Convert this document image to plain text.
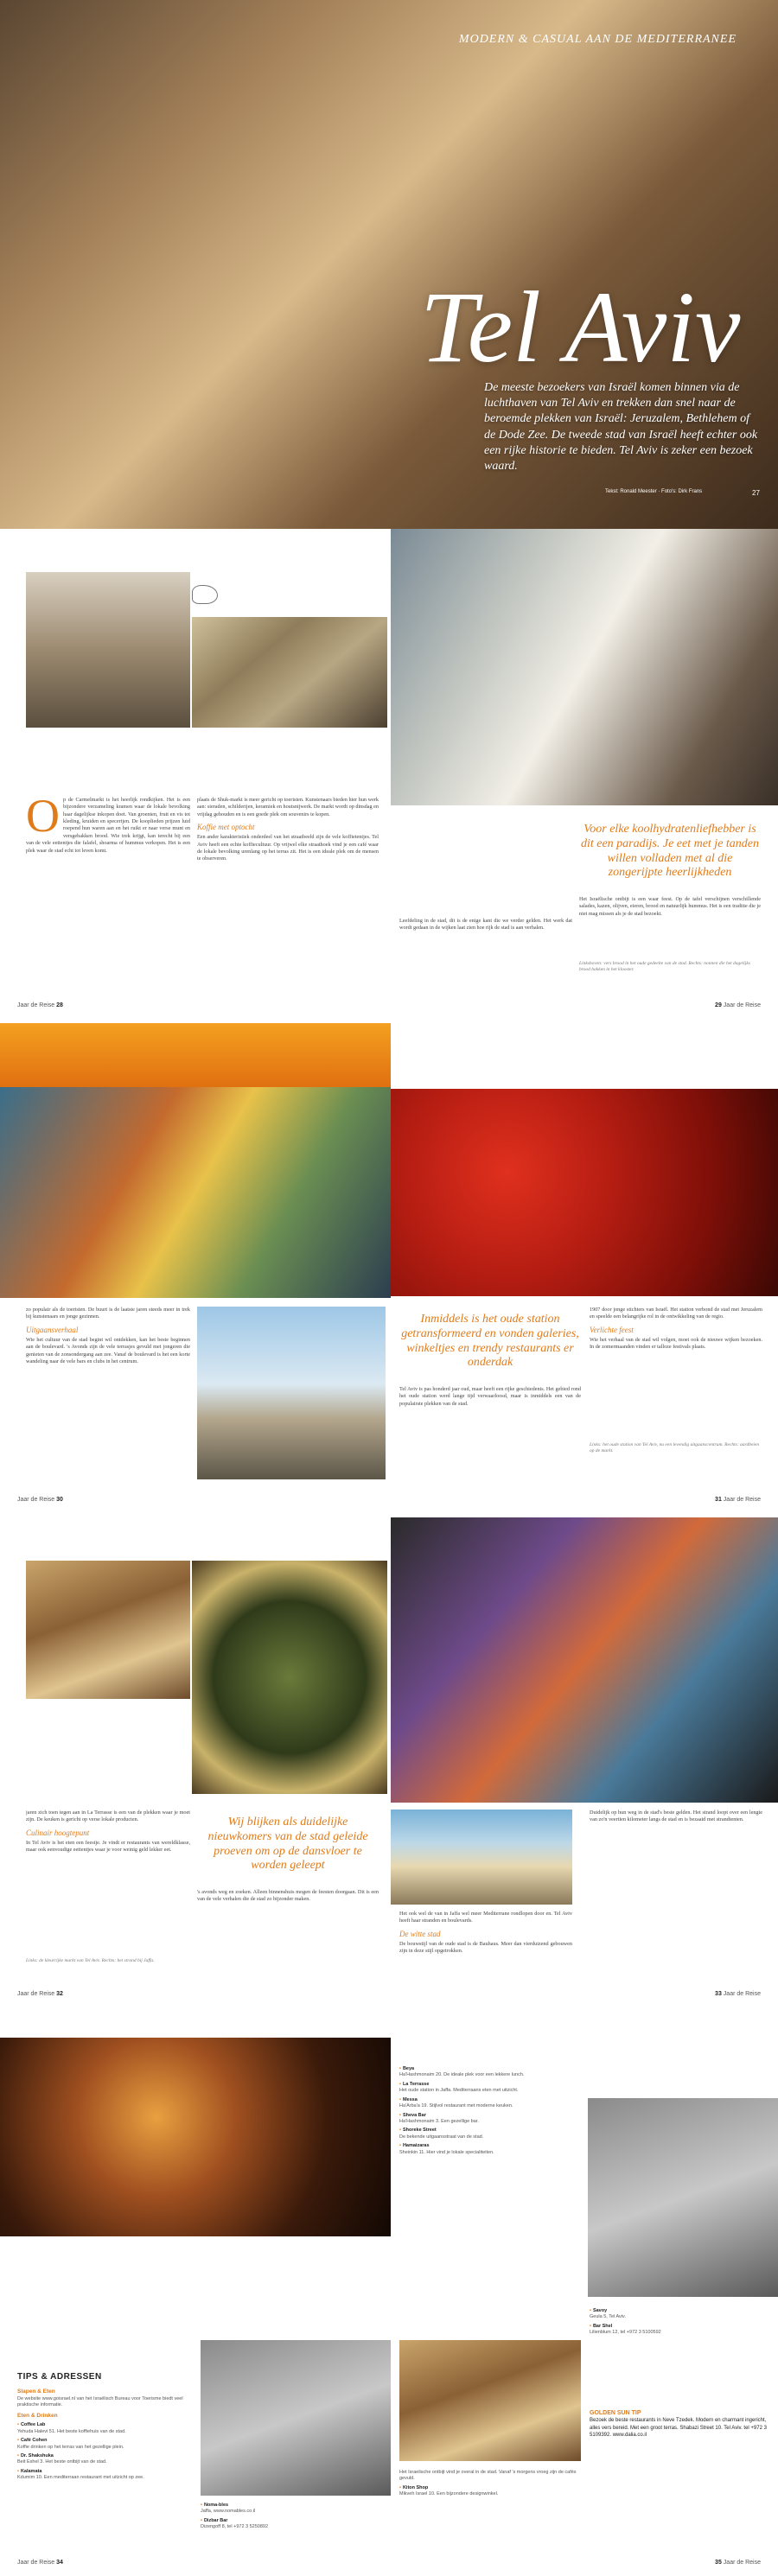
MODERN & CASUAL AAN DE MEDITERRANEE
Tel Aviv
De meeste bezoekers van Israël komen binnen via de luchthaven van Tel Aviv en trekken dan snel naar de beroemde plekken van Israël: Jeruzalem, Bethlehem of de Dode Zee. De tweede stad van Israël heeft echter ook een rijke historie te bieden. Tel Aviv is zeker een bezoek waard.
Tekst: Ronald Meester · Foto's: Dirk Frans	27
O p de Carmelmarkt is het heerlijk rondkijken. Het is een bijzondere verzameling kramen waar de lokale bevolking haar dagelijkse inkopen doet. Van groenten, fruit en vis tot kleding, kruiden en specerijen. De kooplieden prijzen luid roepend hun waren aan en het ruikt er naar verse munt en versgebakken brood. Wie trek krijgt, kan terecht bij een van de vele eettentjes die falafel, shoarma of hummus verkopen. Het is een plek waar de stad echt tot leven komt.
plaats de Shuk-markt is meer gericht op toeristen. Kunstenaars bieden hier hun werk aan: sieraden, schilderijen, keramiek en houtsnijwerk. De markt wordt op dinsdag en vrijdag gehouden en is een goede plek om souvenirs te kopen.
Koffie met optocht
Een ander karakteristiek onderdeel van het straatbeeld zijn de vele koffietentjes. Tel Aviv heeft een echte koffiecultuur. Op vrijwel elke straathoek vind je een café waar de lokale bevolking urenlang op het terras zit. Het is een ideale plek om de mensen te observeren.
Leefdeling in de stad, dit is de enige kant die we verder gelden. Het werk dat wordt gedaan in de wijken laat zien hoe rijk de stad is aan verhalen.
Voor elke koolhydratenliefhebber is dit een paradijs. Je eet met je tanden willen volladen met al die zongerijpte heerlijkheden
Het Israëlische ontbijt is een waar feest. Op de tafel verschijnen verschillende salades, kazen, olijven, eieren, brood en natuurlijk hummus. Het is een traditie die je niet mag missen als je de stad bezoekt.
Linksboven: vers brood in het oude gedeelte van de stad. Rechts: nonnen die het dagelijks brood bakken in het klooster.
Jaar de Reise 28	29 Jaar de Reise
zo populair als de toeristen. De buurt is de laatste jaren steeds meer in trek bij kunstenaars en jonge gezinnen.
Uitgaansverhaal
Wie het cultuur van de stad begint wil ontdekken, kan het beste beginnen aan de boulevard. 's Avonds zijn de vele terrasjes gevuld met jongeren die genieten van de zonsondergang aan zee. Vanaf de boulevard is het een korte wandeling naar de vele bars en clubs in het centrum.
Inmiddels is het oude station getransformeerd en vonden galeries, winkeltjes en trendy restaurants er onderdak
Tel Aviv is pas honderd jaar oud, maar heeft een rijke geschiedenis. Het gebied rond het oude station werd lange tijd verwaarloosd, maar is inmiddels een van de populairste plekken van de stad.
1907 door jonge stichters van Israël. Het station verbond de stad met Jeruzalem en speelde een belangrijke rol in de ontwikkeling van de regio.
Verlichte feest
Wie het verhaal van de stad wil volgen, moet ook de nieuwe wijken bezoeken. In de zomermaanden vinden er talloze festivals plaats.
Links: het oude station van Tel Aviv, nu een levendig uitgaanscentrum. Rechts: aardbeien op de markt.
Jaar de Reise 30	31 Jaar de Reise
jaren zich toen tegen aan in La Terrasse is een van de plekken waar je moet zijn. De keuken is gericht op verse lokale producten.
Culinair hoogtepunt
In Tel Aviv is het eten een feestje. Je vindt er restaurants van wereldklasse, maar ook eenvoudige eettentjes waar je voor weinig geld lekker eet.
Wij blijken als duidelijke nieuwkomers van de stad geleide proeven om op de dansvloer te worden geleept
's avonds weg en zoeken. Alleen binnenshuis mogen de feesten doorgaan. Dit is een van de vele verhalen die de stad zo bijzonder maken.
Het ook wel de van in Jaffa wel meer Mediterrane rondlopen door en. Tel Aviv heeft haar stranden en boulevards.
De witte stad
De bouwstijl van de oude stad is de Bauhaus. Meer dan vierduizend gebouwen zijn in deze stijl opgetrokken.
Duidelijk op hun weg in de stad's beste gelden. Het strand loopt over een lengte van zo'n veertien kilometer langs de stad en is bezaaid met strandtenten.
Links: de kleurrijke markt van Tel Aviv. Rechts: het strand bij Jaffa.
Jaar de Reise 32	33 Jaar de Reise
TIPS & ADRESSEN
Slapen & Eten
De website www.goisrael.nl van het Israëlisch Bureau voor Toerisme biedt veel praktische informatie.
Eten & Drinken
• Coffee Lab
Yehuda Halevi 51. Het beste koffiehuis van de stad.
• Café Cohen
Koffie drinken op het terras van het gezellige plein.
• Dr. Shakshuka
Beit Eshel 3. Het beste ontbijt van de stad.
• Kalamata
Kdumim 10. Een mediterraan restaurant met uitzicht op zee.
• Noma-bles
Jaffa, www.nomables.co.il
• Dizbar Bar
Dizengoff 8, tel +972 3 5250892
• Beya
Ha'Hashmonaim 20. De ideale plek voor een lekkere lunch.
• La Terrasse
Het oude station in Jaffa. Mediterraans eten met uitzicht.
• Messa
Ha'Arba'a 19. Stijlvol restaurant met moderne keuken.
• Sheva Bar
Ha'Hashmonaim 3. Een gezellige bar.
• Shoreke Street
De bekende uitgaansstraat van de stad.
• Hamaizaras
Sheinkin 11. Hier vind je lokale specialiteiten.
Het Israelische ontbijt vind je overal in de stad. Vanaf 's morgens vroeg zijn de cafés gevuld.
• Kiton Shop
Mikveh Israel 10. Een bijzondere designwinkel.
• Savoy
Geula 5, Tel Aviv.
• Bar Shel
Lilienblum 12, tel +972 3 5100592
GOLDEN SUN TIP
Bezoek de beste restaurants in Neve Tzedek. Modern en charmant ingericht, alles vers bereid. Met een groot terras. Shabazi Street 10. Tel Aviv. tel +972 3 5109392. www.dalia.co.il
Jaar de Reise 34	35 Jaar de Reise
